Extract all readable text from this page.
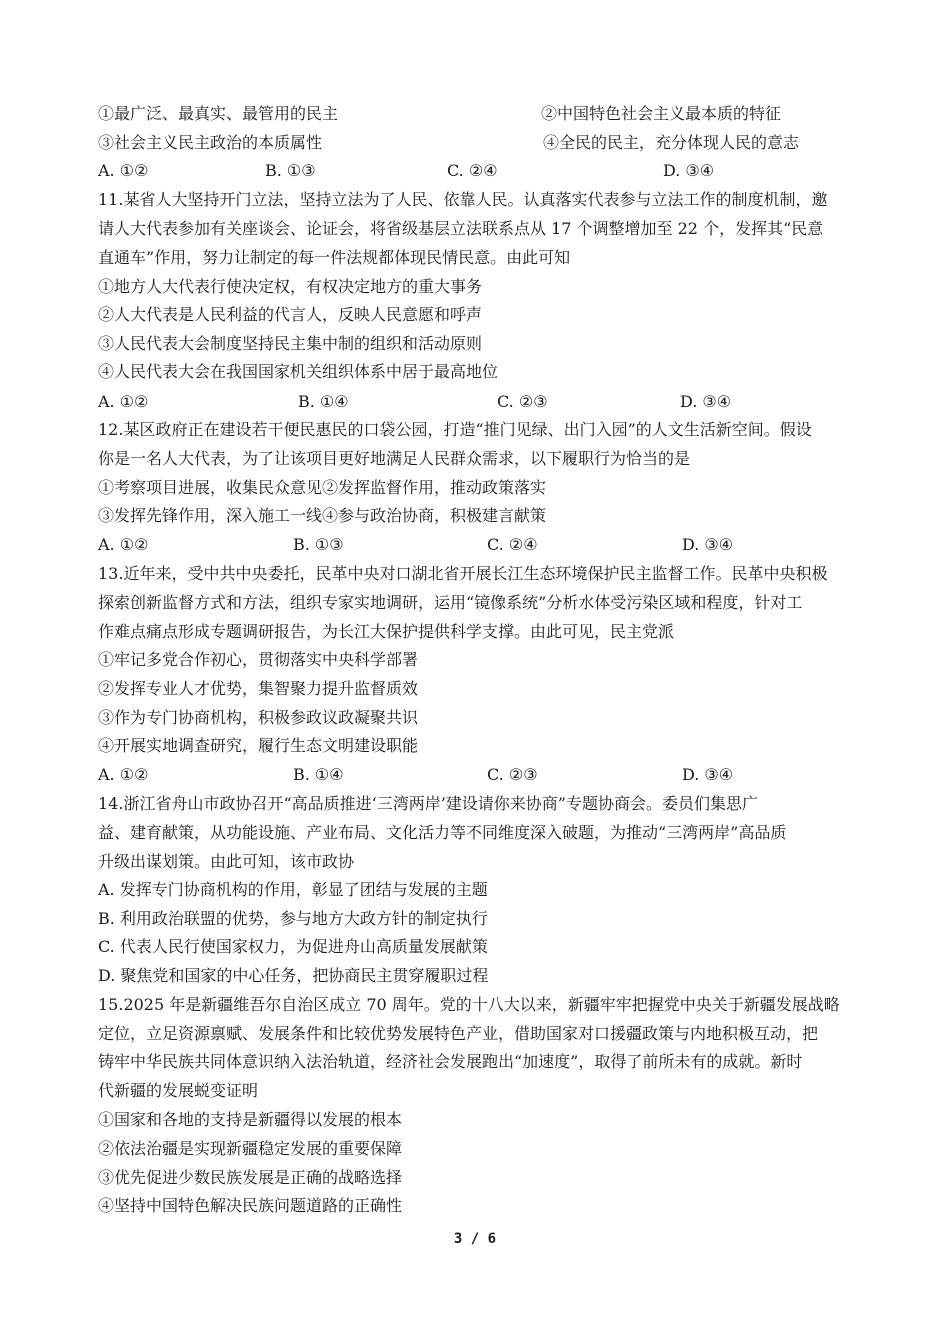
①最广泛、最真实、最管用的民主	②中国特色社会主义最本质的特征
③社会主义民主政治的本质属性	④全民的民主，充分体现人民的意志
A. ①②	B. ①③	C. ②④	D. ③④
11.某省人大坚持开门立法，坚持立法为了人民、依靠人民。认真落实代表参与立法工作的制度机制，邀
请人大代表参加有关座谈会、论证会，将省级基层立法联系点从 17 个调整增加至 22 个，发挥其“民意
直通车”作用，努力让制定的每一件法规都体现民情民意。由此可知
①地方人大代表行使决定权，有权决定地方的重大事务
②人大代表是人民利益的代言人，反映人民意愿和呼声
③人民代表大会制度坚持民主集中制的组织和活动原则
④人民代表大会在我国国家机关组织体系中居于最高地位
A. ①②	B. ①④	C. ②③	D. ③④
12.某区政府正在建设若干便民惠民的口袋公园，打造“推门见绿、出门入园”的人文生活新空间。假设
你是一名人大代表，为了让该项目更好地满足人民群众需求，以下履职行为恰当的是
①考察项目进展，收集民众意见 ②发挥监督作用，推动政策落实
③发挥先锋作用，深入施工一线 ④参与政治协商，积极建言献策
A. ①②	B. ①③	C. ②④	D. ③④
13.近年来，受中共中央委托，民革中央对口湖北省开展长江生态环境保护民主监督工作。民革中央积极
探索创新监督方式和方法，组织专家实地调研，运用“镜像系统”分析水体受污染区域和程度，针对工
作难点痛点形成专题调研报告，为长江大保护提供科学支撑。由此可见，民主党派
①牢记多党合作初心，贯彻落实中央科学部署
②发挥专业人才优势，集智聚力提升监督质效
③作为专门协商机构，积极参政议政凝聚共识
④开展实地调查研究，履行生态文明建设职能
A. ①②	B. ①④	C. ②③	D. ③④
14.浙江省舟山市政协召开“高品质推进‘三湾两岸’建设请你来协商”专题协商会。委员们集思广
益、建育献策，从功能设施、产业布局、文化活力等不同维度深入破题，为推动“三湾两岸”高品质
升级出谋划策。由此可知，该市政协
A. 发挥专门协商机构的作用，彰显了团结与发展的主题
B. 利用政治联盟的优势，参与地方大政方针的制定执行
C. 代表人民行使国家权力，为促进舟山高质量发展献策
D. 聚焦党和国家的中心任务，把协商民主贯穿履职过程
15.2025 年是新疆维吾尔自治区成立 70 周年。党的十八大以来，新疆牢牢把握党中央关于新疆发展战略
定位，立足资源禀赋、发展条件和比较优势发展特色产业，借助国家对口援疆政策与内地积极互动，把
铸牢中华民族共同体意识纳入法治轨道，经济社会发展跑出“加速度”，取得了前所未有的成就。新时
代新疆的发展蜕变证明
①国家和各地的支持是新疆得以发展的根本
②依法治疆是实现新疆稳定发展的重要保障
③优先促进少数民族发展是正确的战略选择
④坚持中国特色解决民族问题道路的正确性
3 / 6
